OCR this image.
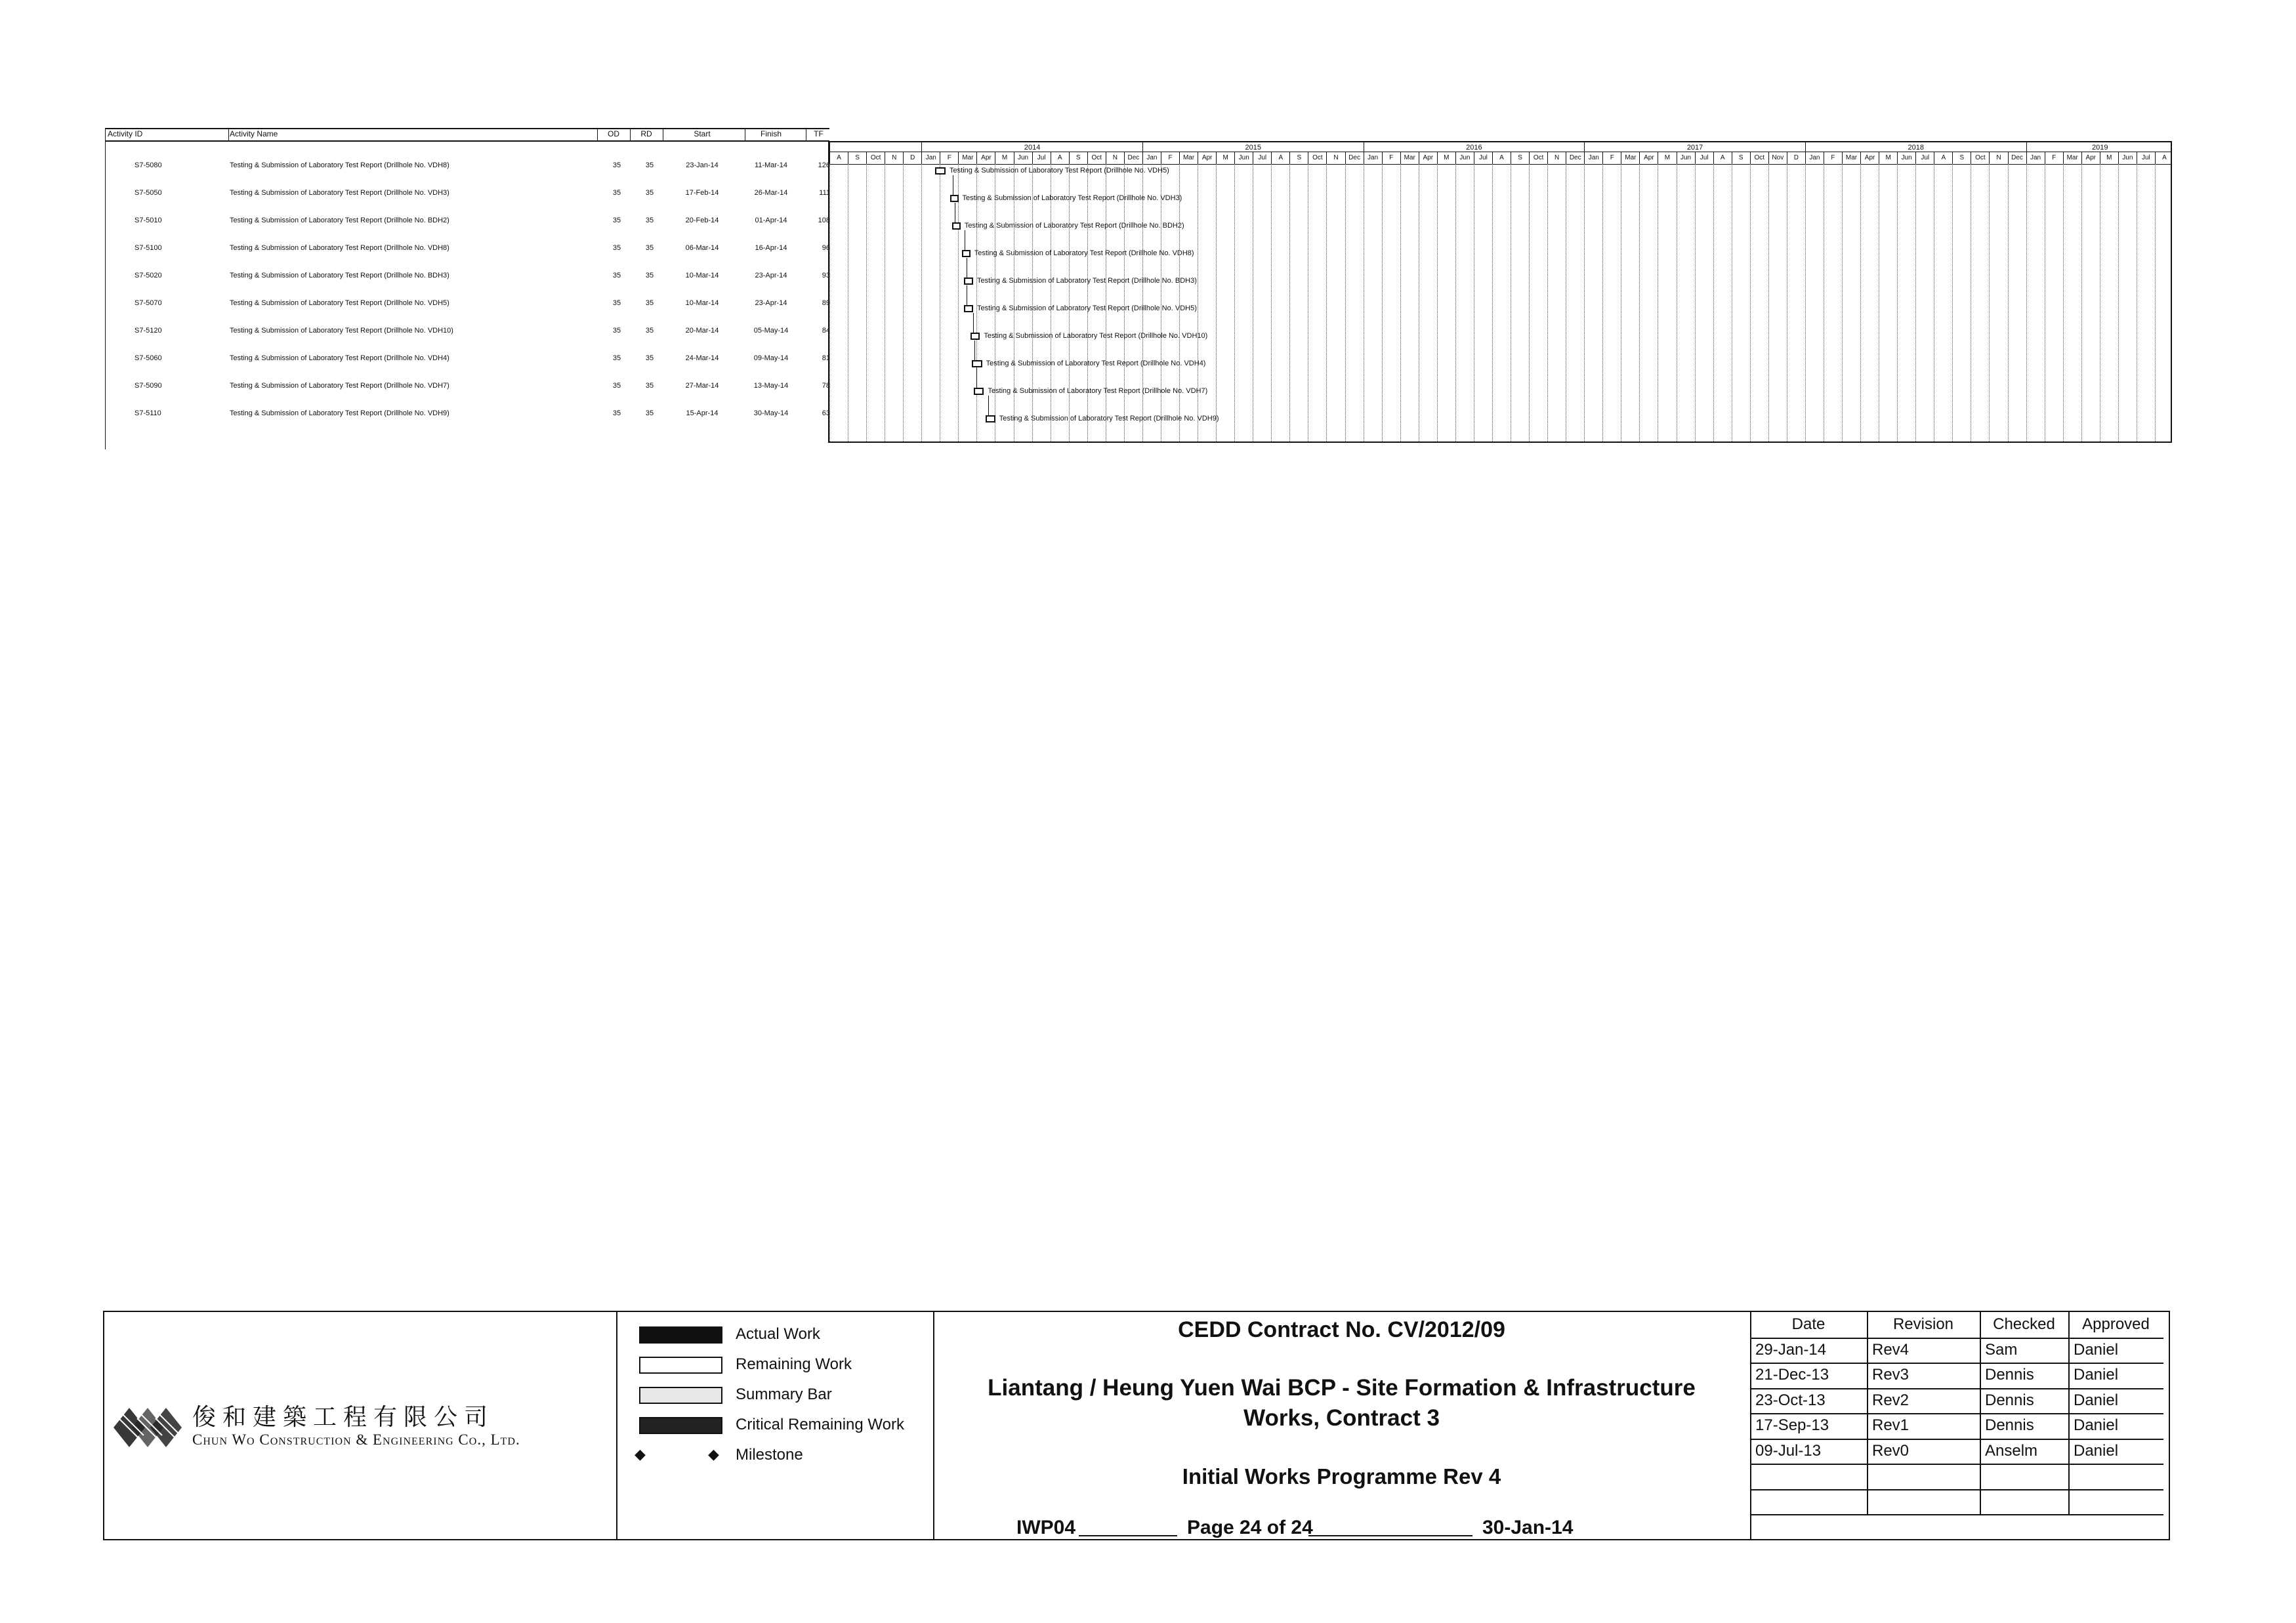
Activity ID	Activity Name	OD	RD	Start	Finish	TF
S7-5080	Testing & Submission of Laboratory Test Report (Drillhole No. VDH8)	35	35	23-Jan-14	11-Mar-14	126
S7-5050	Testing & Submission of Laboratory Test Report (Drillhole No. VDH3)	35	35	17-Feb-14	26-Mar-14	111
S7-5010	Testing & Submission of Laboratory Test Report (Drillhole No. BDH2)	35	35	20-Feb-14	01-Apr-14	108
S7-5100	Testing & Submission of Laboratory Test Report (Drillhole No. VDH8)	35	35	06-Mar-14	16-Apr-14	96
S7-5020	Testing & Submission of Laboratory Test Report (Drillhole No. BDH3)	35	35	10-Mar-14	23-Apr-14	93
S7-5070	Testing & Submission of Laboratory Test Report (Drillhole No. VDH5)	35	35	10-Mar-14	23-Apr-14	89
S7-5120	Testing & Submission of Laboratory Test Report (Drillhole No. VDH10)	35	35	20-Mar-14	05-May-14	84
S7-5060	Testing & Submission of Laboratory Test Report (Drillhole No. VDH4)	35	35	24-Mar-14	09-May-14	81
S7-5090	Testing & Submission of Laboratory Test Report (Drillhole No. VDH7)	35	35	27-Mar-14	13-May-14	78
S7-5110	Testing & Submission of Laboratory Test Report (Drillhole No. VDH9)	35	35	15-Apr-14	30-May-14	63
2014	2015	2016	2017	2018	2019
A	S	Oct	N	D	Jan	F	Mar	Apr	M	Jun	Jul	A	S	Oct	N	Dec	Jan	F	Mar	Apr	M	Jun	Jul	A	S	Oct	N	Dec	Jan	F	Mar	Apr	M	Jun	Jul	A	S	Oct	N	Dec	Jan	F	Mar	Apr	M	Jun	Jul	A	S	Oct	Nov	D	Jan	F	Mar	Apr	M	Jun	Jul	A	S	Oct	N	Dec	Jan	F	Mar	Apr	M	Jun	Jul	A
Testing & Submission of Laboratory Test Report (Drillhole No. VDH5)
Testing & Submission of Laboratory Test Report (Drillhole No. VDH3)
Testing & Submission of Laboratory Test Report (Drillhole No. BDH2)
Testing & Submission of Laboratory Test Report (Drillhole No. VDH8)
Testing & Submission of Laboratory Test Report (Drillhole No. BDH3)
Testing & Submission of Laboratory Test Report (Drillhole No. VDH5)
Testing & Submission of Laboratory Test Report (Drillhole No. VDH10)
Testing & Submission of Laboratory Test Report (Drillhole No. VDH4)
Testing & Submission of Laboratory Test Report (Drillhole No. VDH7)
Testing & Submission of Laboratory Test Report (Drillhole No. VDH9)
俊和建築工程有限公司
Chun Wo Construction & Engineering Co., Ltd.
Actual Work
Remaining Work
Summary Bar
Critical Remaining Work
◆	◆ Milestone
CEDD Contract No. CV/2012/09
Liantang / Heung Yuen Wai BCP - Site Formation & Infrastructure
Works, Contract 3
Initial Works Programme Rev 4
IWP04	Page 24 of 24	30-Jan-14
Date	Revision	Checked	Approved
29-Jan-14	Rev4	Sam	Daniel
21-Dec-13	Rev3	Dennis	Daniel
23-Oct-13	Rev2	Dennis	Daniel
17-Sep-13	Rev1	Dennis	Daniel
09-Jul-13	Rev0	Anselm	Daniel
